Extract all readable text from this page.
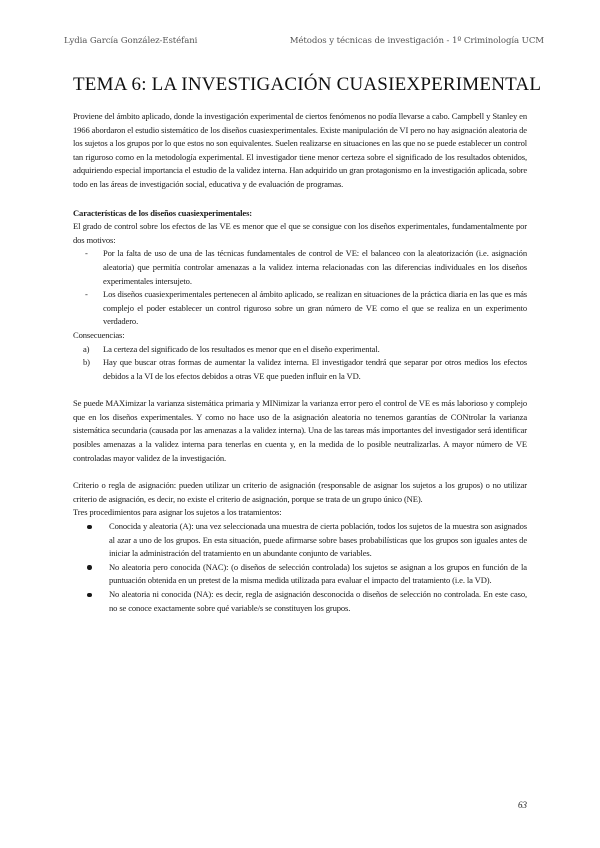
Lydia García González-Estéfani	Métodos y técnicas de investigación - 1º Criminología UCM
TEMA 6: LA INVESTIGACIÓN CUASIEXPERIMENTAL

Proviene del ámbito aplicado, donde la investigación experimental de ciertos fenómenos no podía llevarse a cabo. Campbell y Stanley en 1966 abordaron el estudio sistemático de los diseños cuasiexperimentales. Existe manipulación de VI pero no hay asignación aleatoria de los sujetos a los grupos por lo que estos no son equivalentes. Suelen realizarse en situaciones en las que no se puede establecer un control tan riguroso como en la metodología experimental. El investigador tiene menor certeza sobre el significado de los resultados obtenidos, adquiriendo especial importancia el estudio de la validez interna. Han adquirido un gran protagonismo en la investigación aplicada, sobre todo en las áreas de investigación social, educativa y de evaluación de programas.

Características de los diseños cuasiexperimentales:

El grado de control sobre los efectos de las VE es menor que el que se consigue con los diseños experimentales, fundamentalmente por dos motivos:

- Por la falta de uso de una de las técnicas fundamentales de control de VE: el balanceo con la aleatorización (i.e. asignación aleatoria) que permitía controlar amenazas a la validez interna relacionadas con las diferencias individuales en los diseños experimentales intersujeto.
- Los diseños cuasiexperimentales pertenecen al ámbito aplicado, se realizan en situaciones de la práctica diaria en las que es más complejo el poder establecer un control riguroso sobre un gran número de VE como el que se realiza en un experimento verdadero.

Consecuencias:

a) La certeza del significado de los resultados es menor que en el diseño experimental.
b) Hay que buscar otras formas de aumentar la validez interna. El investigador tendrá que separar por otros medios los efectos debidos a la VI de los efectos debidos a otras VE que pueden influir en la VD.

Se puede MAXimizar la varianza sistemática primaria y MINimizar la varianza error pero el control de VE es más laborioso y complejo que en los diseños experimentales. Y como no hace uso de la asignación aleatoria no tenemos garantías de CONtrolar la varianza sistemática secundaria (causada por las amenazas a la validez interna). Una de las tareas más importantes del investigador será identificar posibles amenazas a la validez interna para tenerlas en cuenta y, en la medida de lo posible neutralizarlas. A mayor número de VE controladas mayor validez de la investigación.

Criterio o regla de asignación: pueden utilizar un criterio de asignación (responsable de asignar los sujetos a los grupos) o no utilizar criterio de asignación, es decir, no existe el criterio de asignación, porque se trata de un grupo único (NE).

Tres procedimientos para asignar los sujetos a los tratamientos:

Conocida y aleatoria (A): una vez seleccionada una muestra de cierta población, todos los sujetos de la muestra son asignados al azar a uno de los grupos. En esta situación, puede afirmarse sobre bases probabilísticas que los grupos son iguales antes de iniciar la administración del tratamiento en un abundante conjunto de variables.
No aleatoria pero conocida (NAC): (o diseños de selección controlada) los sujetos se asignan a los grupos en función de la puntuación obtenida en un pretest de la misma medida utilizada para evaluar el impacto del tratamiento (i.e. la VD).
No aleatoria ni conocida (NA): es decir, regla de asignación desconocida o diseños de selección no controlada. En este caso, no se conoce exactamente sobre qué variable/s se constituyen los grupos.
63
